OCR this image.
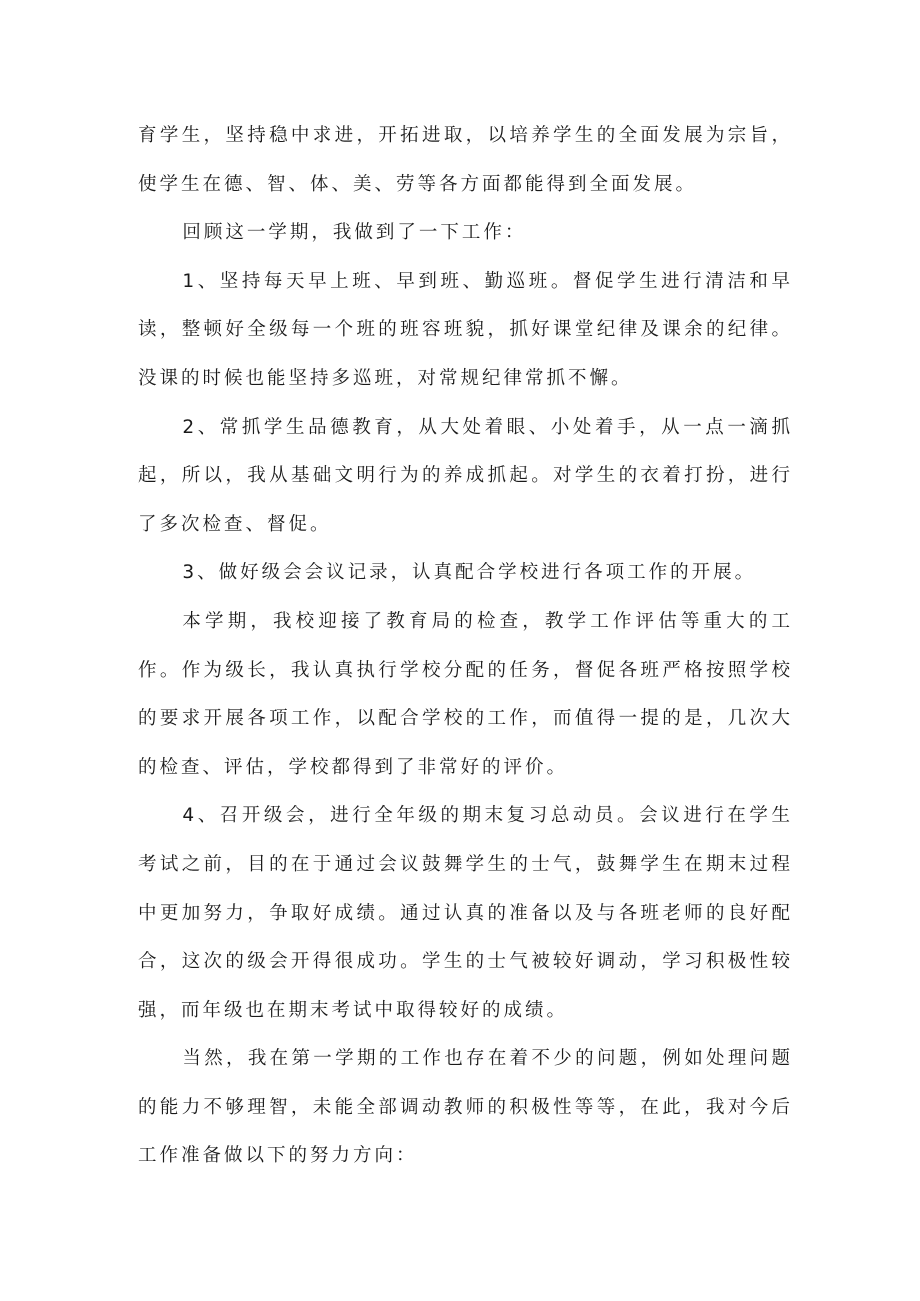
育学生，坚持稳中求进，开拓进取，以培养学生的全面发展为宗旨，使学生在德、智、体、美、劳等各方面都能得到全面发展。

回顾这一学期，我做到了一下工作：

1、坚持每天早上班、早到班、勤巡班。督促学生进行清洁和早读，整顿好全级每一个班的班容班貌，抓好课堂纪律及课余的纪律。没课的时候也能坚持多巡班，对常规纪律常抓不懈。

2、常抓学生品德教育，从大处着眼、小处着手，从一点一滴抓起，所以，我从基础文明行为的养成抓起。对学生的衣着打扮，进行了多次检查、督促。

3、做好级会会议记录，认真配合学校进行各项工作的开展。

本学期，我校迎接了教育局的检查，教学工作评估等重大的工作。作为级长，我认真执行学校分配的任务，督促各班严格按照学校的要求开展各项工作，以配合学校的工作，而值得一提的是，几次大的检查、评估，学校都得到了非常好的评价。

4、召开级会，进行全年级的期末复习总动员。会议进行在学生考试之前，目的在于通过会议鼓舞学生的士气，鼓舞学生在期末过程中更加努力，争取好成绩。通过认真的准备以及与各班老师的良好配合，这次的级会开得很成功。学生的士气被较好调动，学习积极性较强，而年级也在期末考试中取得较好的成绩。

当然，我在第一学期的工作也存在着不少的问题，例如处理问题的能力不够理智，未能全部调动教师的积极性等等，在此，我对今后工作准备做以下的努力方向：
